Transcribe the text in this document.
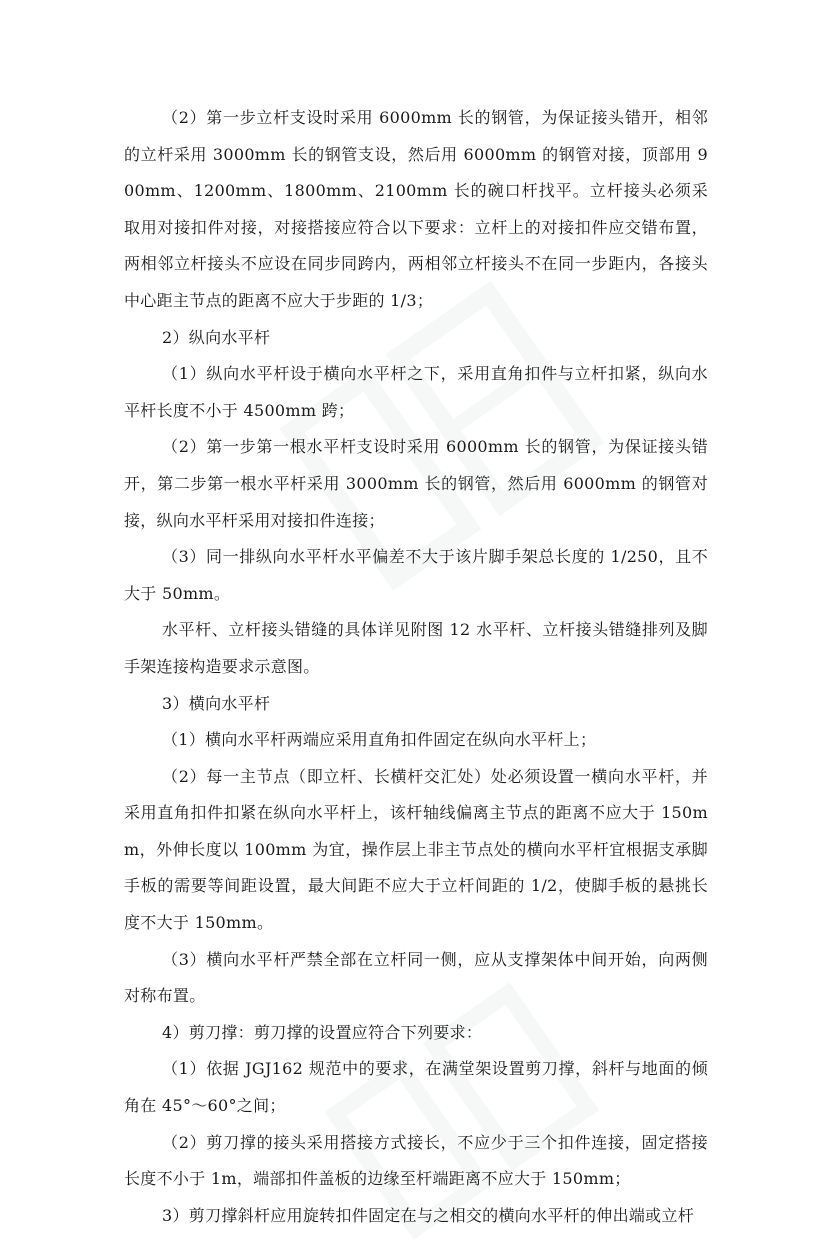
（2）第一步立杆支设时采用 6000mm 长的钢管，为保证接头错开，相邻的立杆采用 3000mm 长的钢管支设，然后用 6000mm 的钢管对接，顶部用 900mm、1200mm、1800mm、2100mm 长的碗口杆找平。立杆接头必须采取用对接扣件对接，对接搭接应符合以下要求：立杆上的对接扣件应交错布置，两相邻立杆接头不应设在同步同跨内，两相邻立杆接头不在同一步距内，各接头中心距主节点的距离不应大于步距的 1/3；

2）纵向水平杆

（1）纵向水平杆设于横向水平杆之下，采用直角扣件与立杆扣紧，纵向水平杆长度不小于 4500mm 跨；

（2）第一步第一根水平杆支设时采用 6000mm 长的钢管，为保证接头错开，第二步第一根水平杆采用 3000mm 长的钢管，然后用 6000mm 的钢管对接，纵向水平杆采用对接扣件连接；

（3）同一排纵向水平杆水平偏差不大于该片脚手架总长度的 1/250，且不大于 50mm。

水平杆、立杆接头错缝的具体详见附图 12 水平杆、立杆接头错缝排列及脚手架连接构造要求示意图。

3）横向水平杆

（1）横向水平杆两端应采用直角扣件固定在纵向水平杆上；

（2）每一主节点（即立杆、长横杆交汇处）处必须设置一横向水平杆，并采用直角扣件扣紧在纵向水平杆上，该杆轴线偏离主节点的距离不应大于 150mm，外伸长度以 100mm 为宜，操作层上非主节点处的横向水平杆宜根据支承脚手板的需要等间距设置，最大间距不应大于立杆间距的 1/2，使脚手板的悬挑长度不大于 150mm。

（3）横向水平杆严禁全部在立杆同一侧，应从支撑架体中间开始，向两侧对称布置。

4）剪刀撑：剪刀撑的设置应符合下列要求：

（1）依据 JGJ162 规范中的要求，在满堂架设置剪刀撑，斜杆与地面的倾角在 45°～60°之间；

（2）剪刀撑的接头采用搭接方式接长，不应少于三个扣件连接，固定搭接长度不小于 1m，端部扣件盖板的边缘至杆端距离不应大于 150mm；

3）剪刀撑斜杆应用旋转扣件固定在与之相交的横向水平杆的伸出端或立杆
